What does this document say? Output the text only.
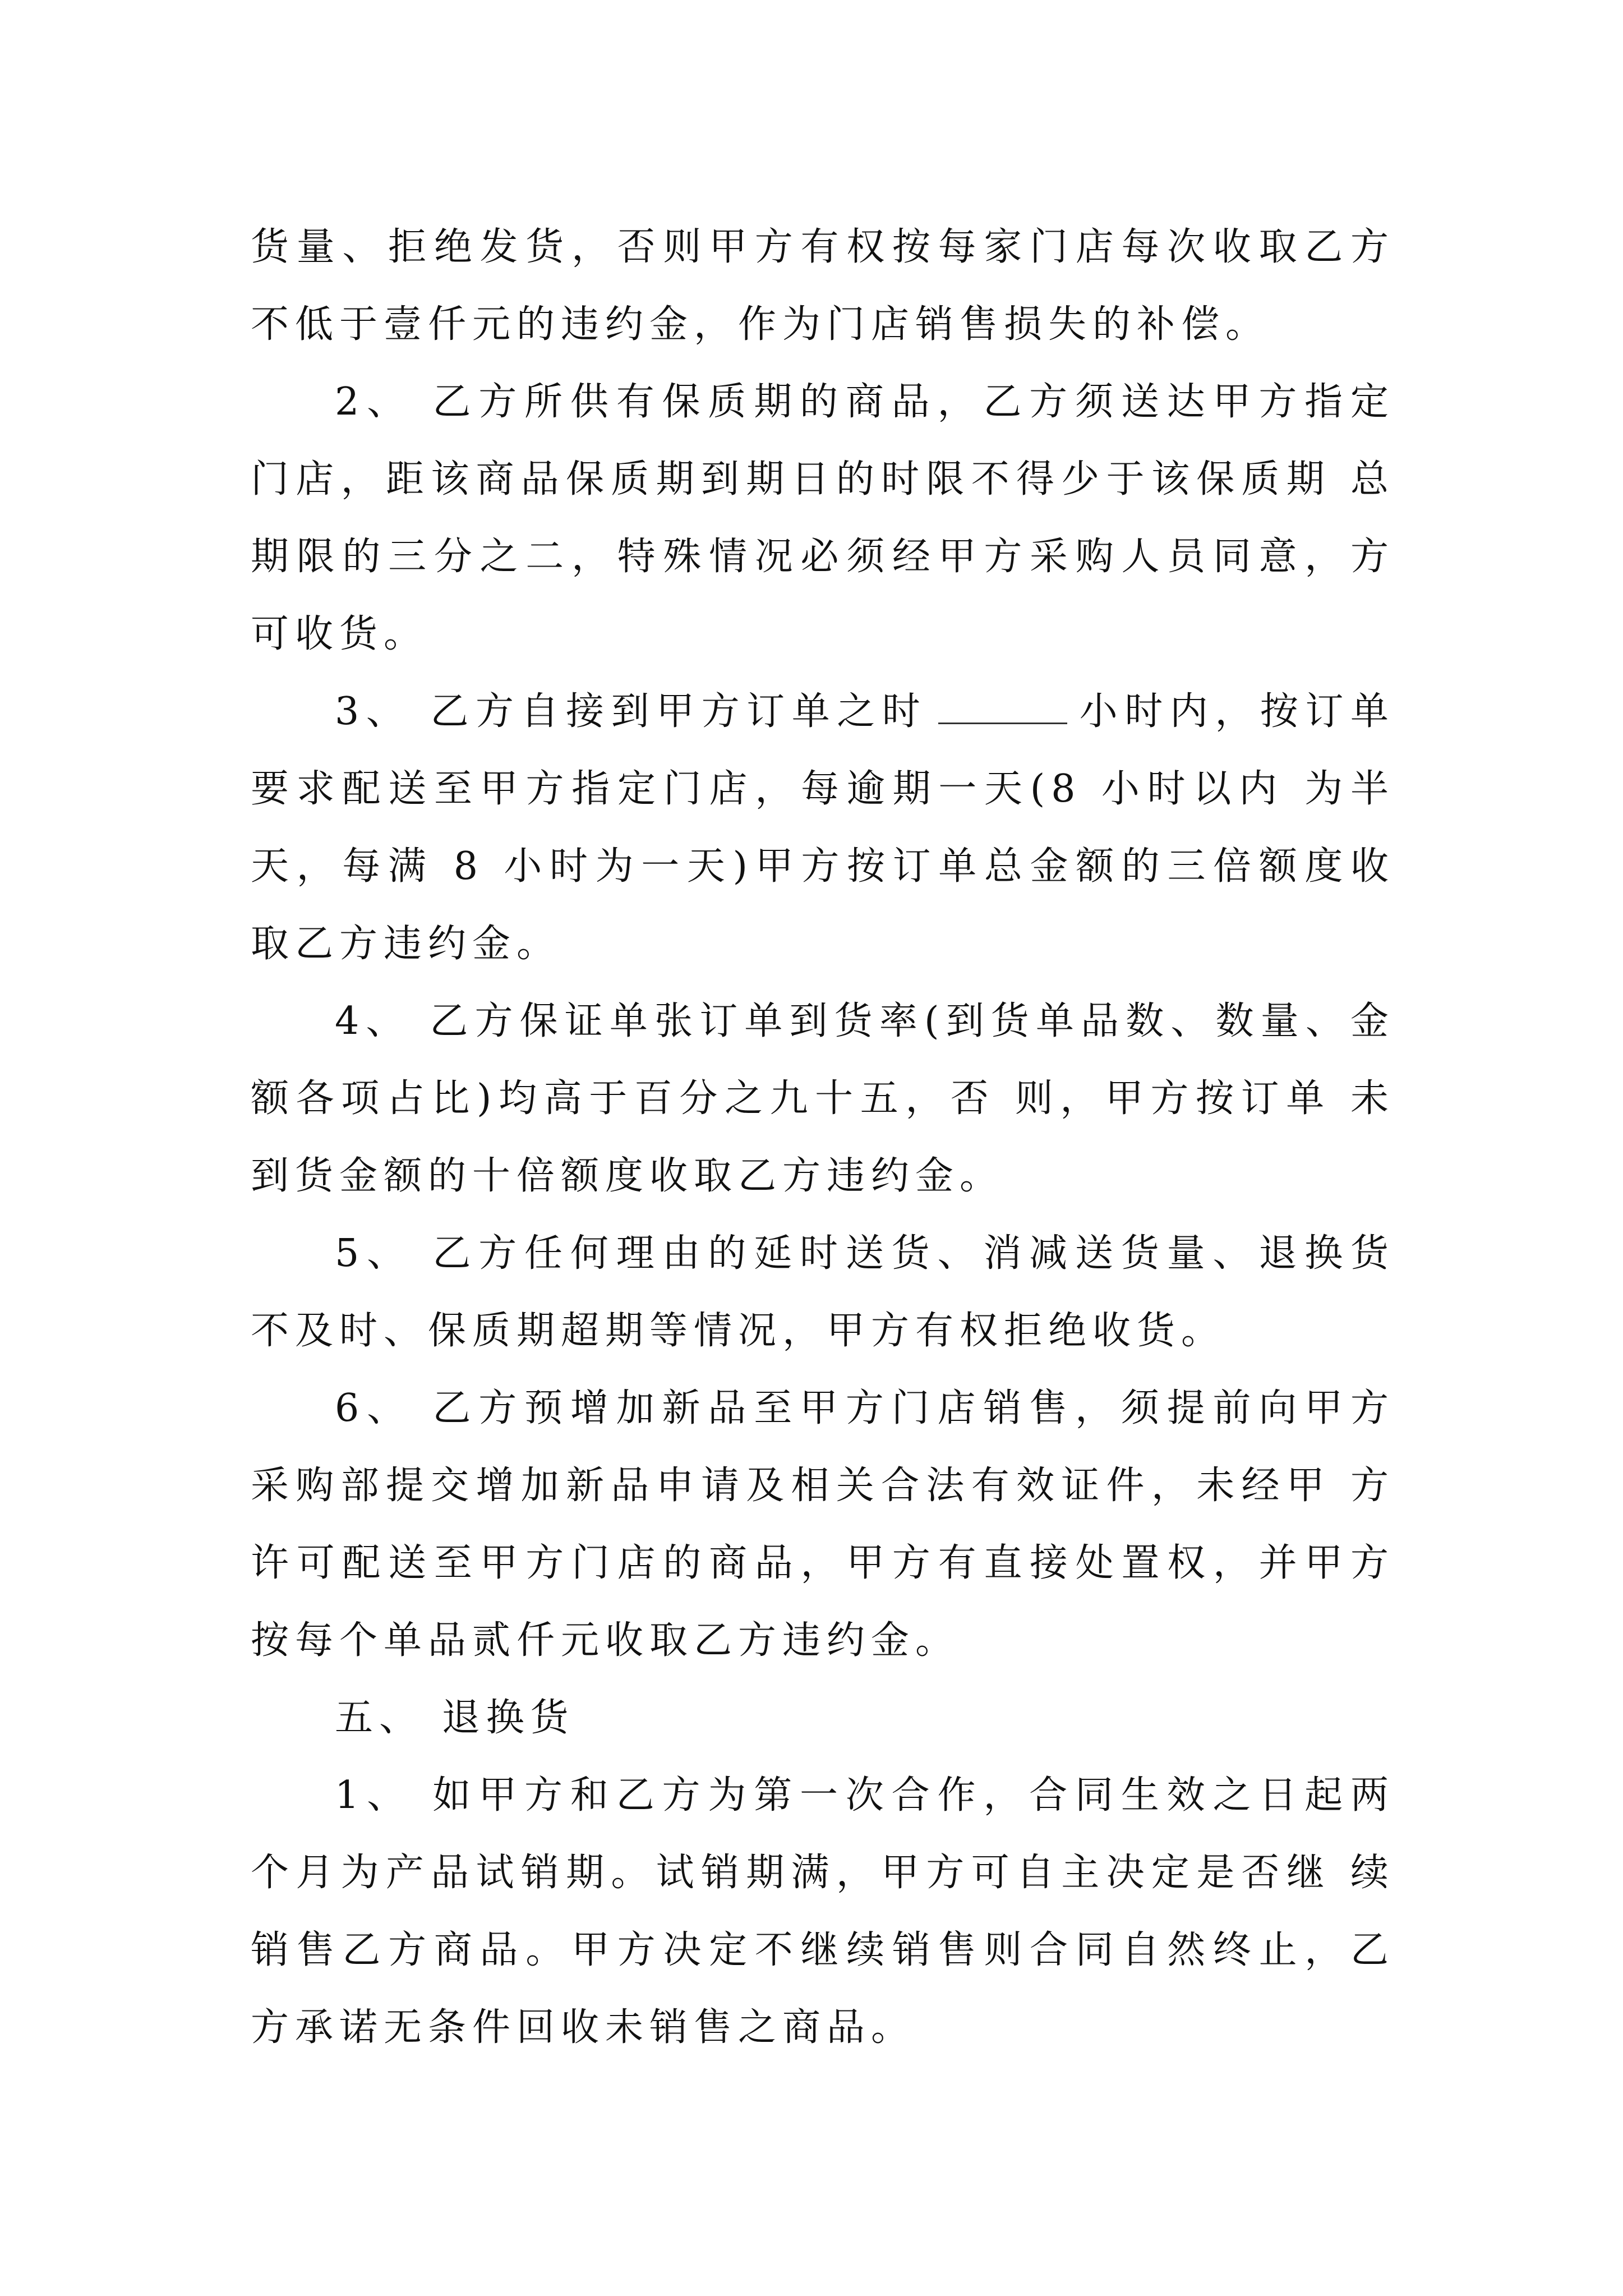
货量、拒绝发货，否则甲方有权按每家门店每次收取乙方不低于壹仟元的违约金，作为门店销售损失的补偿。

2、 乙方所供有保质期的商品，乙方须送达甲方指定门店，距该商品保质期到期日的时限不得少于该保质期 总期限的三分之二，特殊情况必须经甲方采购人员同意，方可收货。

3、 乙方自接到甲方订单之时	小时内，按订单要求配送至甲方指定门店，每逾期一天(8 小时以内 为半天，每满 8 小时为一天)甲方按订单总金额的三倍额度收取乙方违约金。

4、 乙方保证单张订单到货率(到货单品数、数量、金额各项占比)均高于百分之九十五，否 则，甲方按订单 未到货金额的十倍额度收取乙方违约金。

5、 乙方任何理由的延时送货、消减送货量、退换货不及时、保质期超期等情况，甲方有权拒绝收货。

6、 乙方预增加新品至甲方门店销售，须提前向甲方采购部提交增加新品申请及相关合法有效证件，未经甲 方许可配送至甲方门店的商品，甲方有直接处置权，并甲方按每个单品贰仟元收取乙方违约金。

五、 退换货

1、 如甲方和乙方为第一次合作，合同生效之日起两个月为产品试销期。试销期满，甲方可自主决定是否继 续销售乙方商品。甲方决定不继续销售则合同自然终止，乙方承诺无条件回收未销售之商品。
